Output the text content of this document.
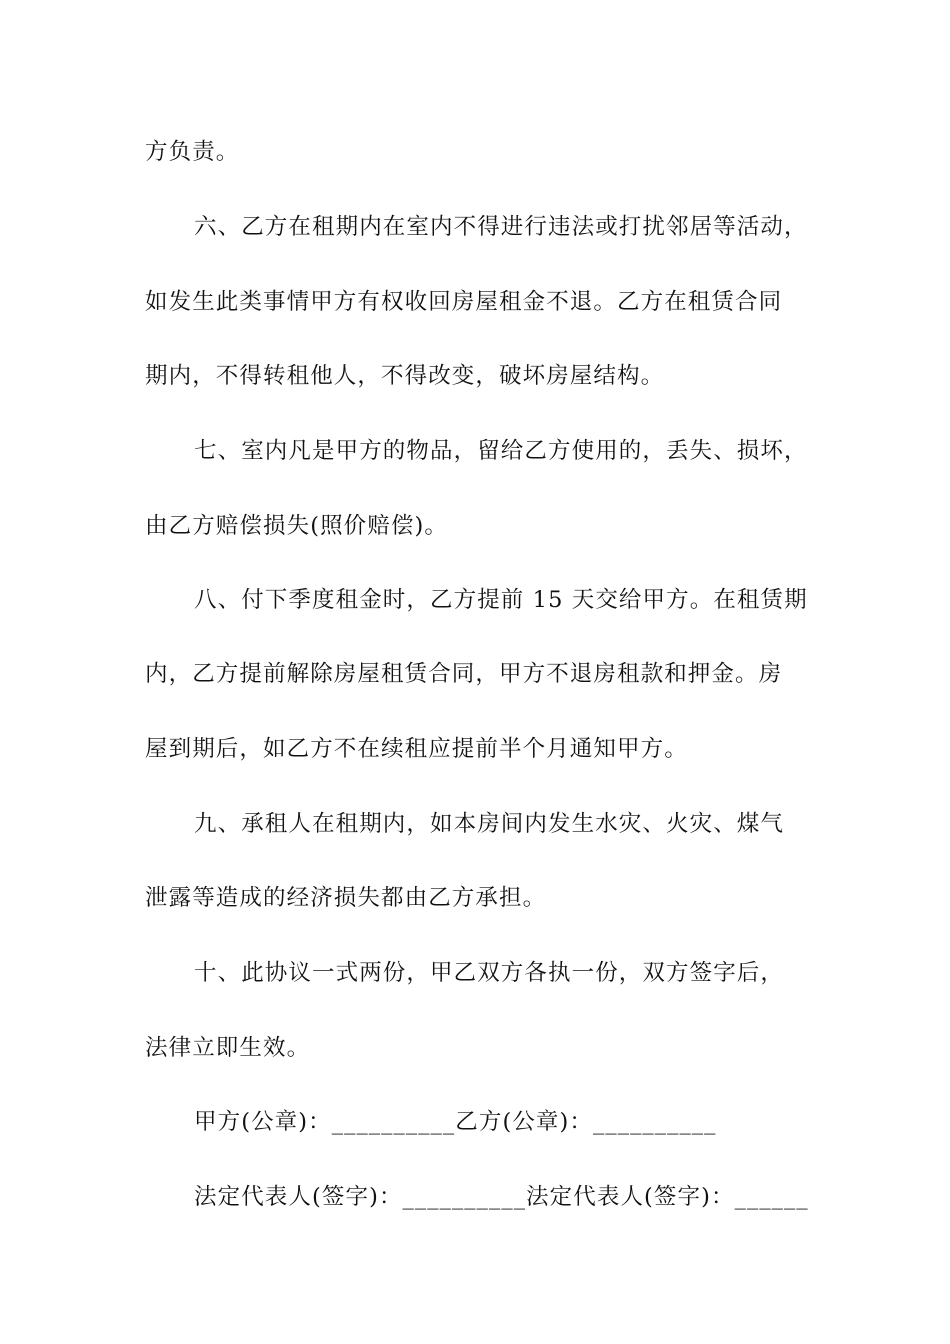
方负责。
六、乙方在租期内在室内不得进行违法或打扰邻居等活动，
如发生此类事情甲方有权收回房屋租金不退。乙方在租赁合同
期内，不得转租他人，不得改变，破坏房屋结构。
七、室内凡是甲方的物品，留给乙方使用的，丢失、损坏，
由乙方赔偿损失(照价赔偿)。
八、付下季度租金时，乙方提前 15 天交给甲方。在租赁期
内，乙方提前解除房屋租赁合同，甲方不退房租款和押金。房
屋到期后，如乙方不在续租应提前半个月通知甲方。
九、承租人在租期内，如本房间内发生水灾、火灾、煤气
泄露等造成的经济损失都由乙方承担。
十、此协议一式两份，甲乙双方各执一份，双方签字后，
法律立即生效。
甲方(公章)：__________乙方(公章)：__________
法定代表人(签字)：__________法定代表人(签字)：______
